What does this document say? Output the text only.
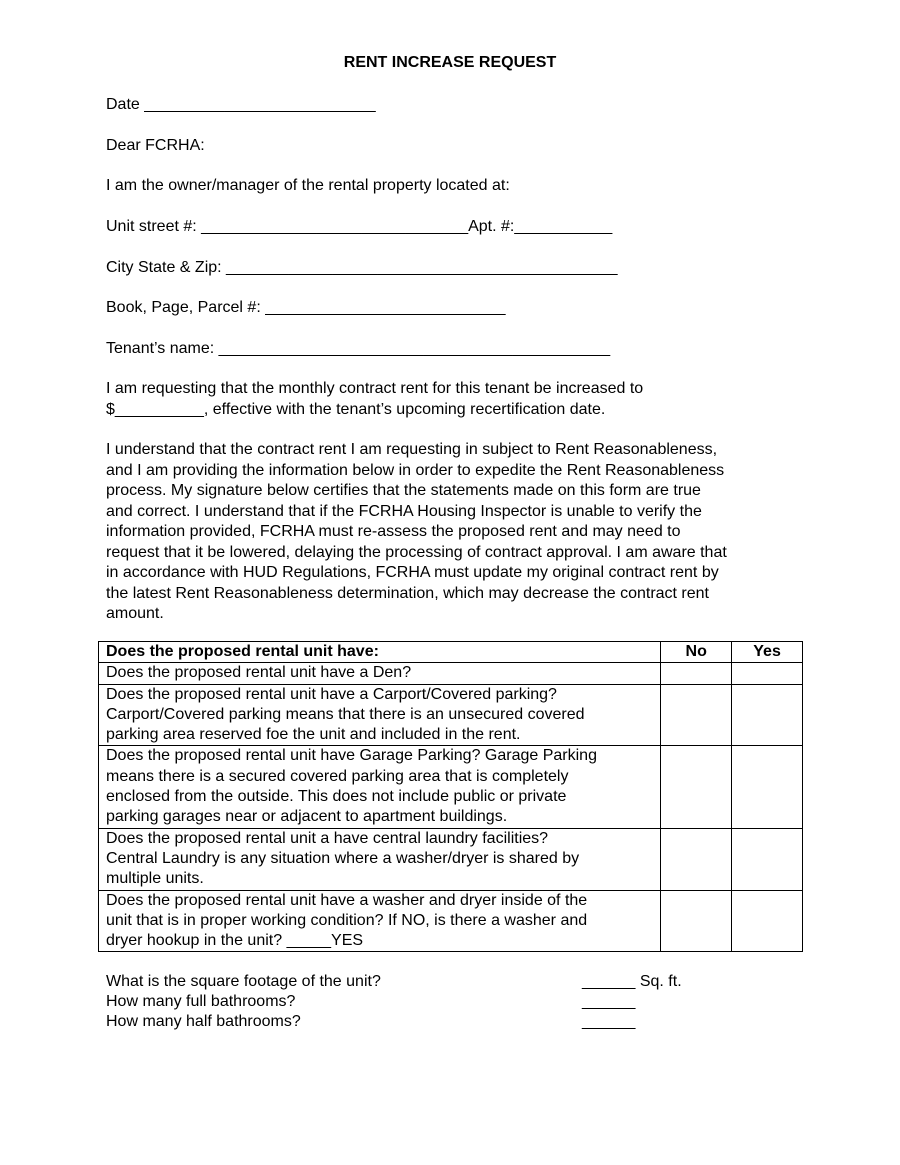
RENT INCREASE REQUEST
Date __________________________
Dear FCRHA:
I am the owner/manager of the rental property located at:
Unit street #: ______________________________Apt. #:___________
City State & Zip: ____________________________________________
Book, Page, Parcel #: ___________________________
Tenant’s name: ____________________________________________
I am requesting that the monthly contract rent for this tenant be increased to
$__________, effective with the tenant’s upcoming recertification date.
I understand that the contract rent I am requesting in subject to Rent Reasonableness,
and I am providing the information below in order to expedite the Rent Reasonableness
process. My signature below certifies that the statements made on this form are true
and correct. I understand that if the FCRHA Housing Inspector is unable to verify the
information provided, FCRHA must re-assess the proposed rent and may need to
request that it be lowered, delaying the processing of contract approval. I am aware that
in accordance with HUD Regulations, FCRHA must update my original contract rent by
the latest Rent Reasonableness determination, which may decrease the contract rent
amount.
Does the proposed rental unit have:	No	Yes
Does the proposed rental unit have a Den?		
Does the proposed rental unit have a Carport/Covered parking?
Carport/Covered parking means that there is an unsecured covered
parking area reserved foe the unit and included in the rent.		
Does the proposed rental unit have Garage Parking? Garage Parking
means there is a secured covered parking area that is completely
enclosed from the outside. This does not include public or private
parking garages near or adjacent to apartment buildings.		
Does the proposed rental unit a have central laundry facilities?
Central Laundry is any situation where a washer/dryer is shared by
multiple units.		
Does the proposed rental unit have a washer and dryer inside of the
unit that is in proper working condition? If NO, is there a washer and
dryer hookup in the unit? _____YES		
What is the square footage of the unit?	______ Sq. ft.
How many full bathrooms?	______
How many half bathrooms?	______
